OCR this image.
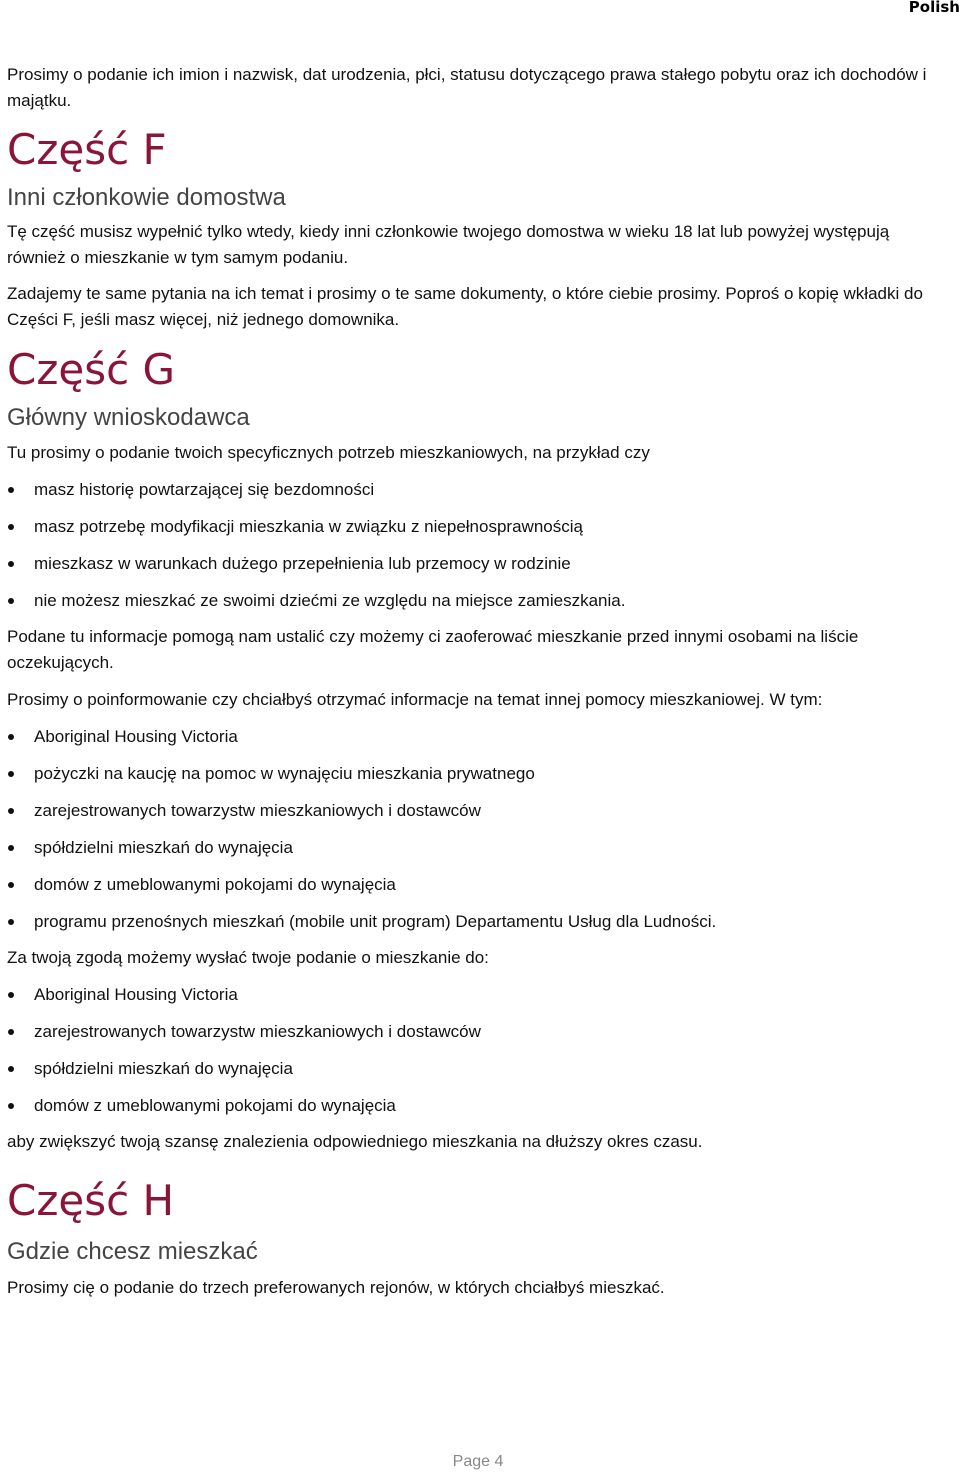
Polish

Prosimy o podanie ich imion i nazwisk, dat urodzenia, płci, statusu dotyczącego prawa stałego pobytu oraz ich dochodów i majątku.

Część F
Inni członkowie domostwa

Tę część musisz wypełnić tylko wtedy, kiedy inni członkowie twojego domostwa w wieku 18 lat lub powyżej występują również o mieszkanie w tym samym podaniu.

Zadajemy te same pytania na ich temat i prosimy o te same dokumenty, o które ciebie prosimy. Poproś o kopię wkładki do Części F, jeśli masz więcej, niż jednego domownika.

Część G
Główny wnioskodawca

Tu prosimy o podanie twoich specyficznych potrzeb mieszkaniowych, na przykład czy

masz historię powtarzającej się bezdomności
masz potrzebę modyfikacji mieszkania w związku z niepełnosprawnością
mieszkasz w warunkach dużego przepełnienia lub przemocy w rodzinie
nie możesz mieszkać ze swoimi dziećmi ze względu na miejsce zamieszkania.

Podane tu informacje pomogą nam ustalić czy możemy ci zaoferować mieszkanie przed innymi osobami na liście oczekujących.

Prosimy o poinformowanie czy chciałbyś otrzymać informacje na temat innej pomocy mieszkaniowej. W tym:

Aboriginal Housing Victoria
pożyczki na kaucję na pomoc w wynajęciu mieszkania prywatnego
zarejestrowanych towarzystw mieszkaniowych i dostawców
spółdzielni mieszkań do wynajęcia
domów z umeblowanymi pokojami do wynajęcia
programu przenośnych mieszkań (mobile unit program) Departamentu Usług dla Ludności.

Za twoją zgodą możemy wysłać twoje podanie o mieszkanie do:

Aboriginal Housing Victoria
zarejestrowanych towarzystw mieszkaniowych i dostawców
spółdzielni mieszkań do wynajęcia
domów z umeblowanymi pokojami do wynajęcia

aby zwiększyć twoją szansę znalezienia odpowiedniego mieszkania na dłuższy okres czasu.

Część H
Gdzie chcesz mieszkać

Prosimy cię o podanie do trzech preferowanych rejonów, w których chciałbyś mieszkać.

Page 4
